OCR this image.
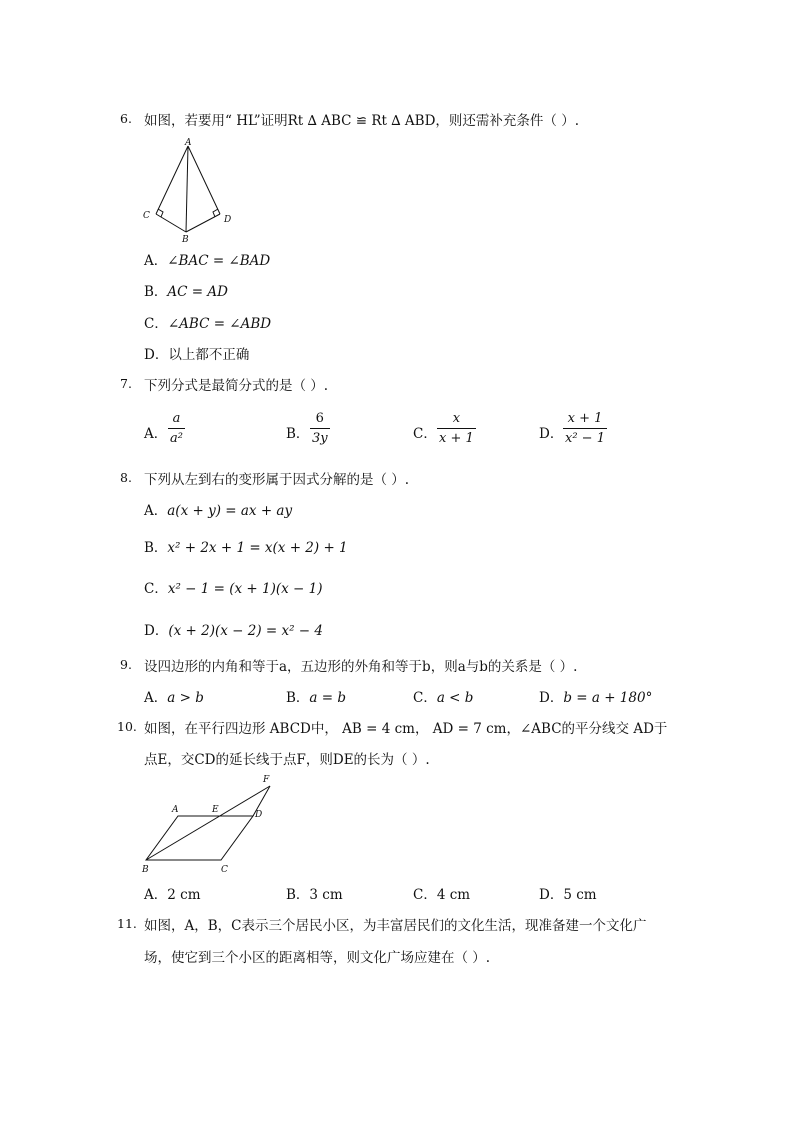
6. 如图，若要用“ HL”证明Rt ∆ ABC ≌ Rt ∆ ABD，则还需补充条件（ ）.
A
C	D
B
A．∠BAC = ∠BAD
B．AC = AD
C．∠ABC = ∠ABD
D．以上都不正确
7. 下列分式是最简分式的是（ ）.
A．
a
a²	B．
6
3y	C．
x
x + 1	D．
x + 1
x² − 1
8. 下列从左到右的变形属于因式分解的是（ ）.
A．a(x + y) = ax + ay
B．x² + 2x + 1 = x(x + 2) + 1
C．x² − 1 = (x + 1)(x − 1)
D．(x + 2)(x − 2) = x² − 4
9. 设四边形的内角和等于a，五边形的外角和等于b，则a与b的关系是（ ）.
A．a > b	B．a = b	C．a < b	D．b = a + 180°
10. 如图，在平行四边形 ABCD中， AB = 4 cm， AD = 7 cm，∠ABC的平分线交 AD于
点E，交CD的延长线于点F，则DE的长为（ ）.
A	E	D
F
B	C
A．2 cm	B．3 cm	C．4 cm	D．5 cm
11. 如图，A，B，C表示三个居民小区，为丰富居民们的文化生活，现准备建一个文化广
场，使它到三个小区的距离相等，则文化广场应建在（ ）.
